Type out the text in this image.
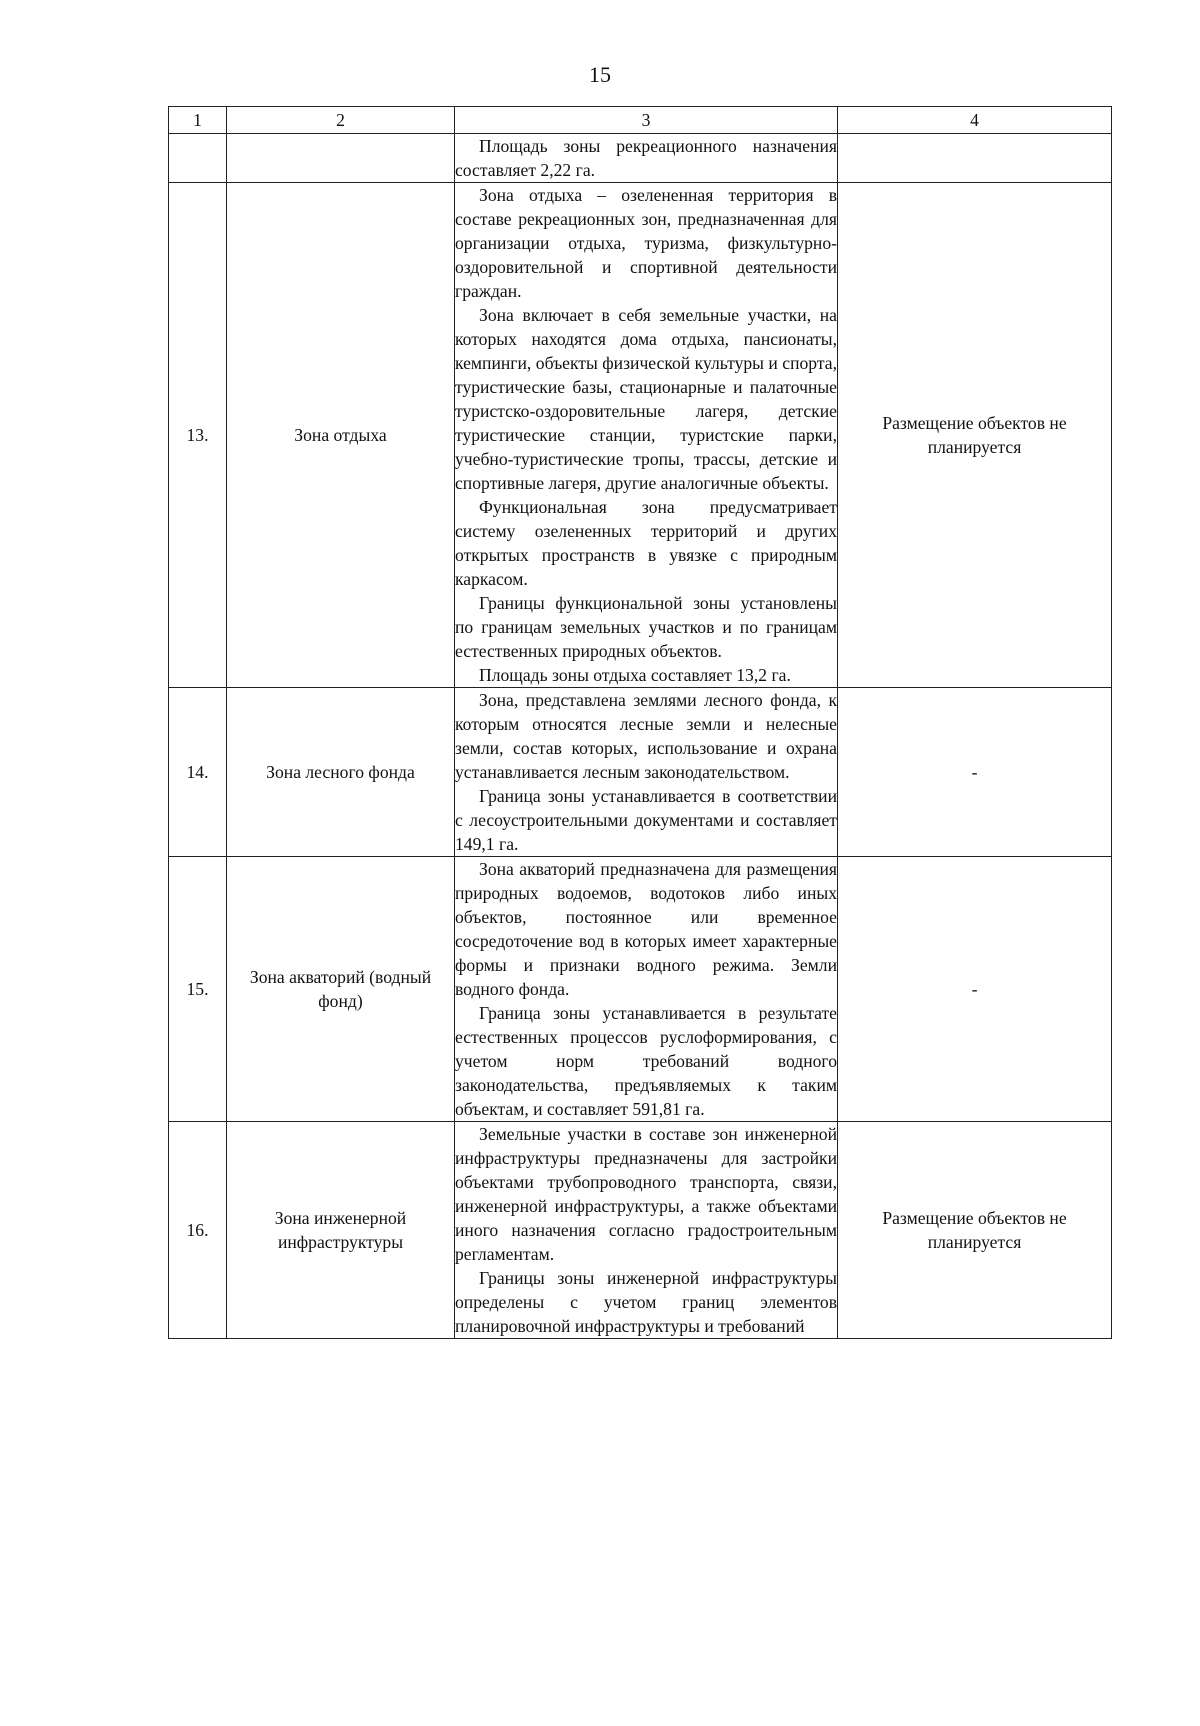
15
1	2	3	4

		Площадь зоны рекреационного назначения составляет 2,22 га.	

13.	Зона отдыха	Зона отдыха – озелененная территория в составе рекреационных зон, предназначенная для организации отдыха, туризма, физкультурно-оздоровительной и спортивной деятельности граждан.

Зона включает в себя земельные участки, на которых находятся дома отдыха, пансионаты, кемпинги, объекты физической культуры и спорта, туристические базы, стационарные и палаточные туристско-оздоровительные лагеря, детские туристические станции, туристские парки, учебно-туристические тропы, трассы, детские и спортивные лагеря, другие аналогичные объекты.

Функциональная зона предусматривает систему озелененных территорий и других открытых пространств в увязке с природным каркасом.

Границы функциональной зоны установлены по границам земельных участков и по границам естественных природных объектов.

Площадь зоны отдыха составляет 13,2 га.	Размещение объектов не планируется
14.	Зона лесного фонда	Зона, представлена землями лесного фонда, к которым относятся лесные земли и нелесные земли, состав которых, использование и охрана устанавливается лесным законодательством.

Граница зоны устанавливается в соответствии с лесоустроительными документами и составляет 149,1 га.	-
15.	Зона акваторий (водный фонд)	Зона акваторий предназначена для размещения природных водоемов, водотоков либо иных объектов, постоянное или временное сосредоточение вод в которых имеет характерные формы и признаки водного режима. Земли водного фонда.

Граница зоны устанавливается в результате естественных процессов руслоформирования, с учетом норм требований водного законодательства, предъявляемых к таким объектам, и составляет 591,81 га.	-
16.	Зона инженерной инфраструктуры	Земельные участки в составе зон инженерной инфраструктуры предназначены для застройки объектами трубопроводного транспорта, связи, инженерной инфраструктуры, а также объектами иного назначения согласно градостроительным регламентам.

Границы зоны инженерной инфраструктуры определены с учетом границ элементов планировочной инфраструктуры и требований	Размещение объектов не планируется
